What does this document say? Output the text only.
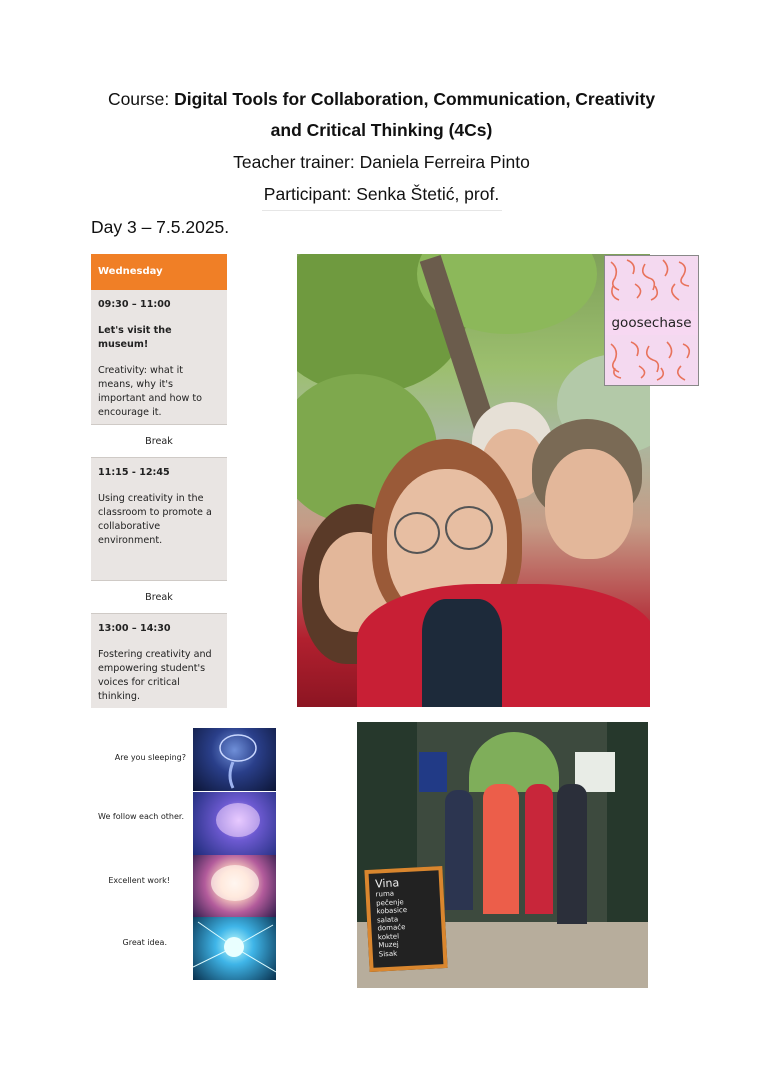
Course: Digital Tools for Collaboration, Communication, Creativity
and Critical Thinking (4Cs)
Teacher trainer: Daniela Ferreira Pinto
Participant: Senka Štetić, prof.
Day 3 – 7.5.2025.
Wednesday
09:30 – 11:00
Let's visit the museum!
Creativity: what it means, why it's important and how to encourage it.
Break
11:15 - 12:45
Using creativity in the classroom to promote a collaborative environment.
Break
13:00 – 14:30
Fostering creativity and empowering student's voices for critical thinking.
goosechase
Are you sleeping?
We follow each other.
Excellent work!
Great idea.
Vina
ruma
pečenje
kobasice
salata
domaće
koktel
Muzej
Sisak
